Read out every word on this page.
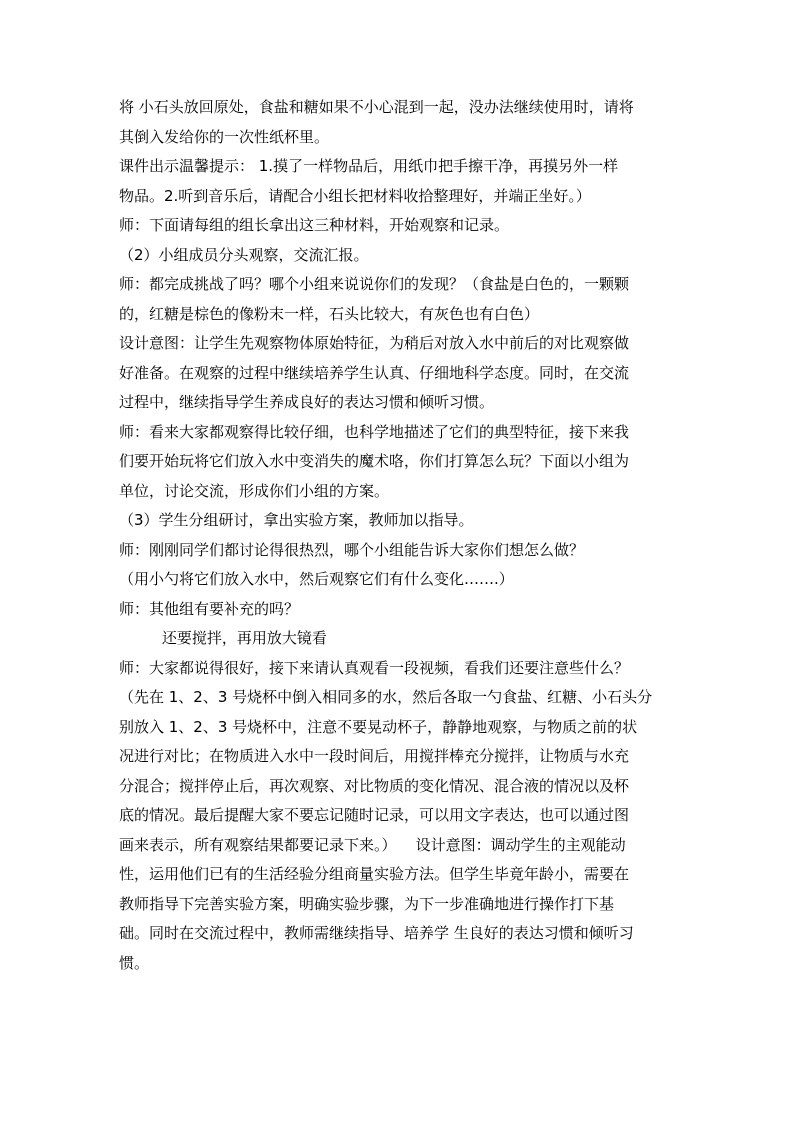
将 小石头放回原处，食盐和糖如果不小心混到一起，没办法继续使用时，请将
其倒入发给你的一次性纸杯里。
课件出示温馨提示： 1.摸了一样物品后，用纸巾把手擦干净，再摸另外一样
物品。2.听到音乐后，请配合小组长把材料收拾整理好，并端正坐好。）
师：下面请每组的组长拿出这三种材料，开始观察和记录。
（2）小组成员分头观察，交流汇报。
师：都完成挑战了吗？哪个小组来说说你们的发现？（食盐是白色的，一颗颗
的，红糖是棕色的像粉末一样，石头比较大，有灰色也有白色）
设计意图：让学生先观察物体原始特征，为稍后对放入水中前后的对比观察做
好准备。在观察的过程中继续培养学生认真、仔细地科学态度。同时，在交流
过程中，继续指导学生养成良好的表达习惯和倾听习惯。
师：看来大家都观察得比较仔细，也科学地描述了它们的典型特征，接下来我
们要开始玩将它们放入水中变消失的魔术咯，你们打算怎么玩？下面以小组为
单位，讨论交流，形成你们小组的方案。
（3）学生分组研讨，拿出实验方案，教师加以指导。
师：刚刚同学们都讨论得很热烈，哪个小组能告诉大家你们想怎么做？
（用小勺将它们放入水中，然后观察它们有什么变化…….）
师：其他组有要补充的吗？
还要搅拌，再用放大镜看
师：大家都说得很好，接下来请认真观看一段视频，看我们还要注意些什么？
（先在 1、2、3 号烧杯中倒入相同多的水，然后各取一勺食盐、红糖、小石头分
别放入 1、2、3 号烧杯中，注意不要晃动杯子，静静地观察，与物质之前的状
况进行对比；在物质进入水中一段时间后，用搅拌棒充分搅拌，让物质与水充
分混合；搅拌停止后，再次观察、对比物质的变化情况、混合液的情况以及杯
底的情况。最后提醒大家不要忘记随时记录，可以用文字表达，也可以通过图
画来表示，所有观察结果都要记录下来。）    设计意图：调动学生的主观能动
性，运用他们已有的生活经验分组商量实验方法。但学生毕竟年龄小，需要在
教师指导下完善实验方案，明确实验步骤，为下一步准确地进行操作打下基
础。同时在交流过程中，教师需继续指导、培养学 生良好的表达习惯和倾听习
惯。
